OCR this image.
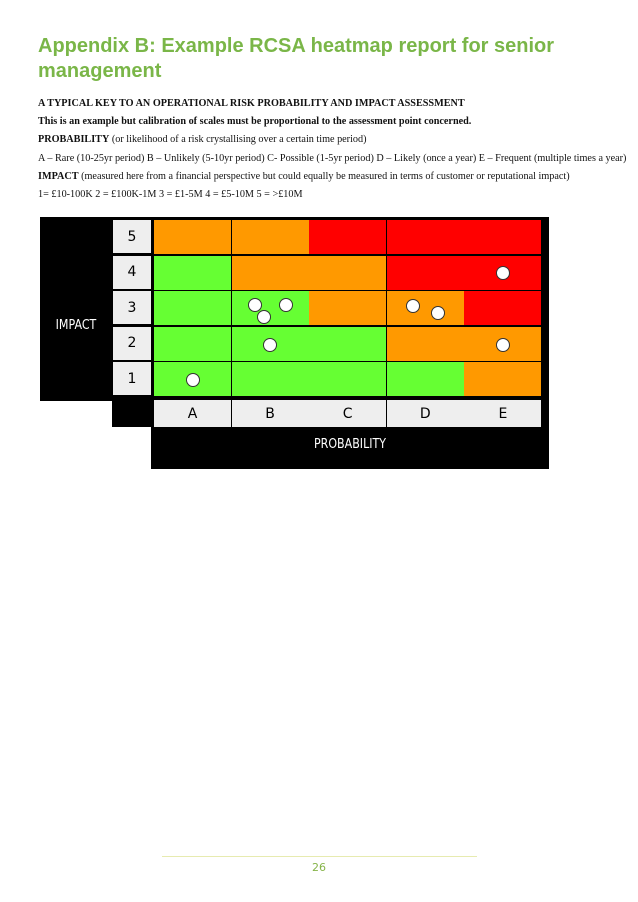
Appendix B: Example RCSA heatmap report for senior management
A TYPICAL KEY TO AN OPERATIONAL RISK PROBABILITY AND IMPACT ASSESSMENT
This is an example but calibration of scales must be proportional to the assessment point concerned.
PROBABILITY (or likelihood of a risk crystallising over a certain time period)
A – Rare (10-25yr period) B – Unlikely (5-10yr period) C- Possible (1-5yr period) D – Likely (once a year) E – Frequent (multiple times a year)
IMPACT (measured here from a financial perspective but could equally be measured in terms of customer or reputational impact)
1= £10-100K 2 = £100K-1M 3 = £1-5M 4 = £5-10M 5 = >£10M
IMPACT
PROBABILITY
5
4
3
2
1
A	B	C	D	E
26
